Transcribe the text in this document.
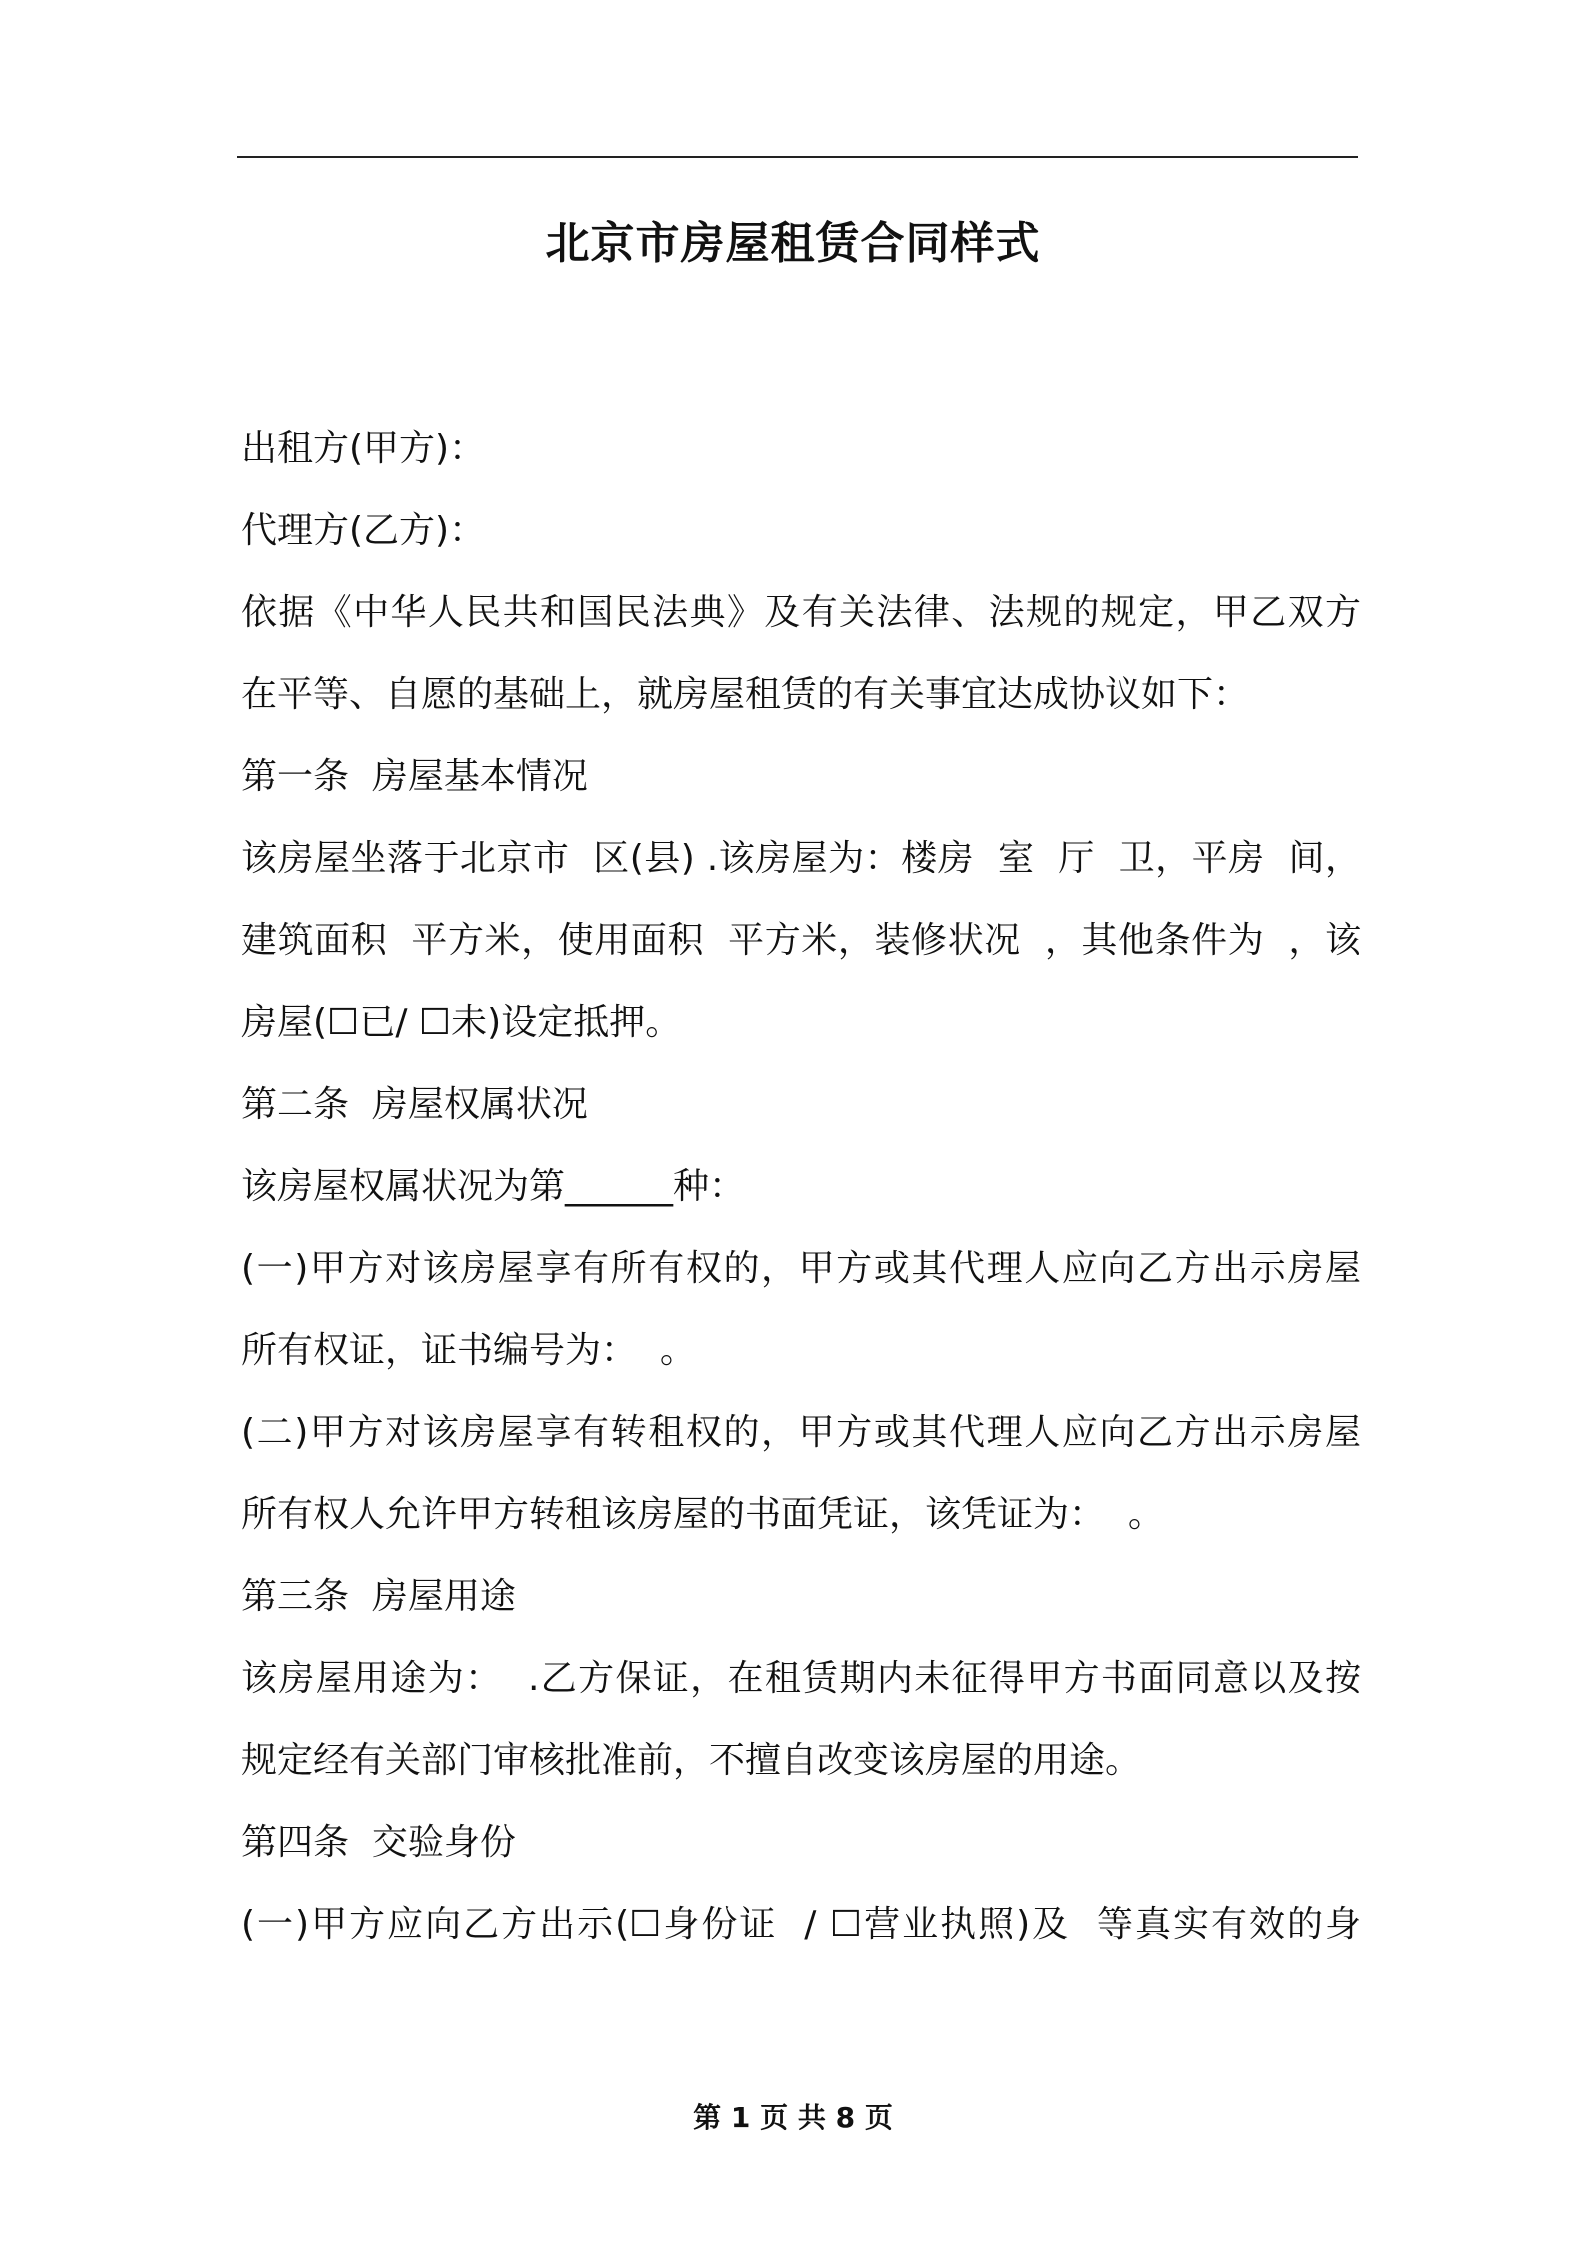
北京市房屋租赁合同样式
出租方(甲方)：
代理方(乙方)：
依据《中华人民共和国民法典》及有关法律、法规的规定，甲乙双方
在平等、自愿的基础上，就房屋租赁的有关事宜达成协议如下：
第一条  房屋基本情况
该房屋坐落于北京市  区(县) .该房屋为：楼房  室  厅  卫，平房  间，
建筑面积  平方米，使用面积  平方米，装修状况  ，其他条件为  ，该
房屋(☐已/ ☐未)设定抵押。
第二条  房屋权属状况
该房屋权属状况为第______种：
(一)甲方对该房屋享有所有权的，甲方或其代理人应向乙方出示房屋
所有权证，证书编号为：  。
(二)甲方对该房屋享有转租权的，甲方或其代理人应向乙方出示房屋
所有权人允许甲方转租该房屋的书面凭证，该凭证为：  。
第三条  房屋用途
该房屋用途为：  .乙方保证，在租赁期内未征得甲方书面同意以及按
规定经有关部门审核批准前，不擅自改变该房屋的用途。
第四条  交验身份
(一)甲方应向乙方出示(☐身份证  / ☐营业执照)及  等真实有效的身
第 1 页 共 8 页
